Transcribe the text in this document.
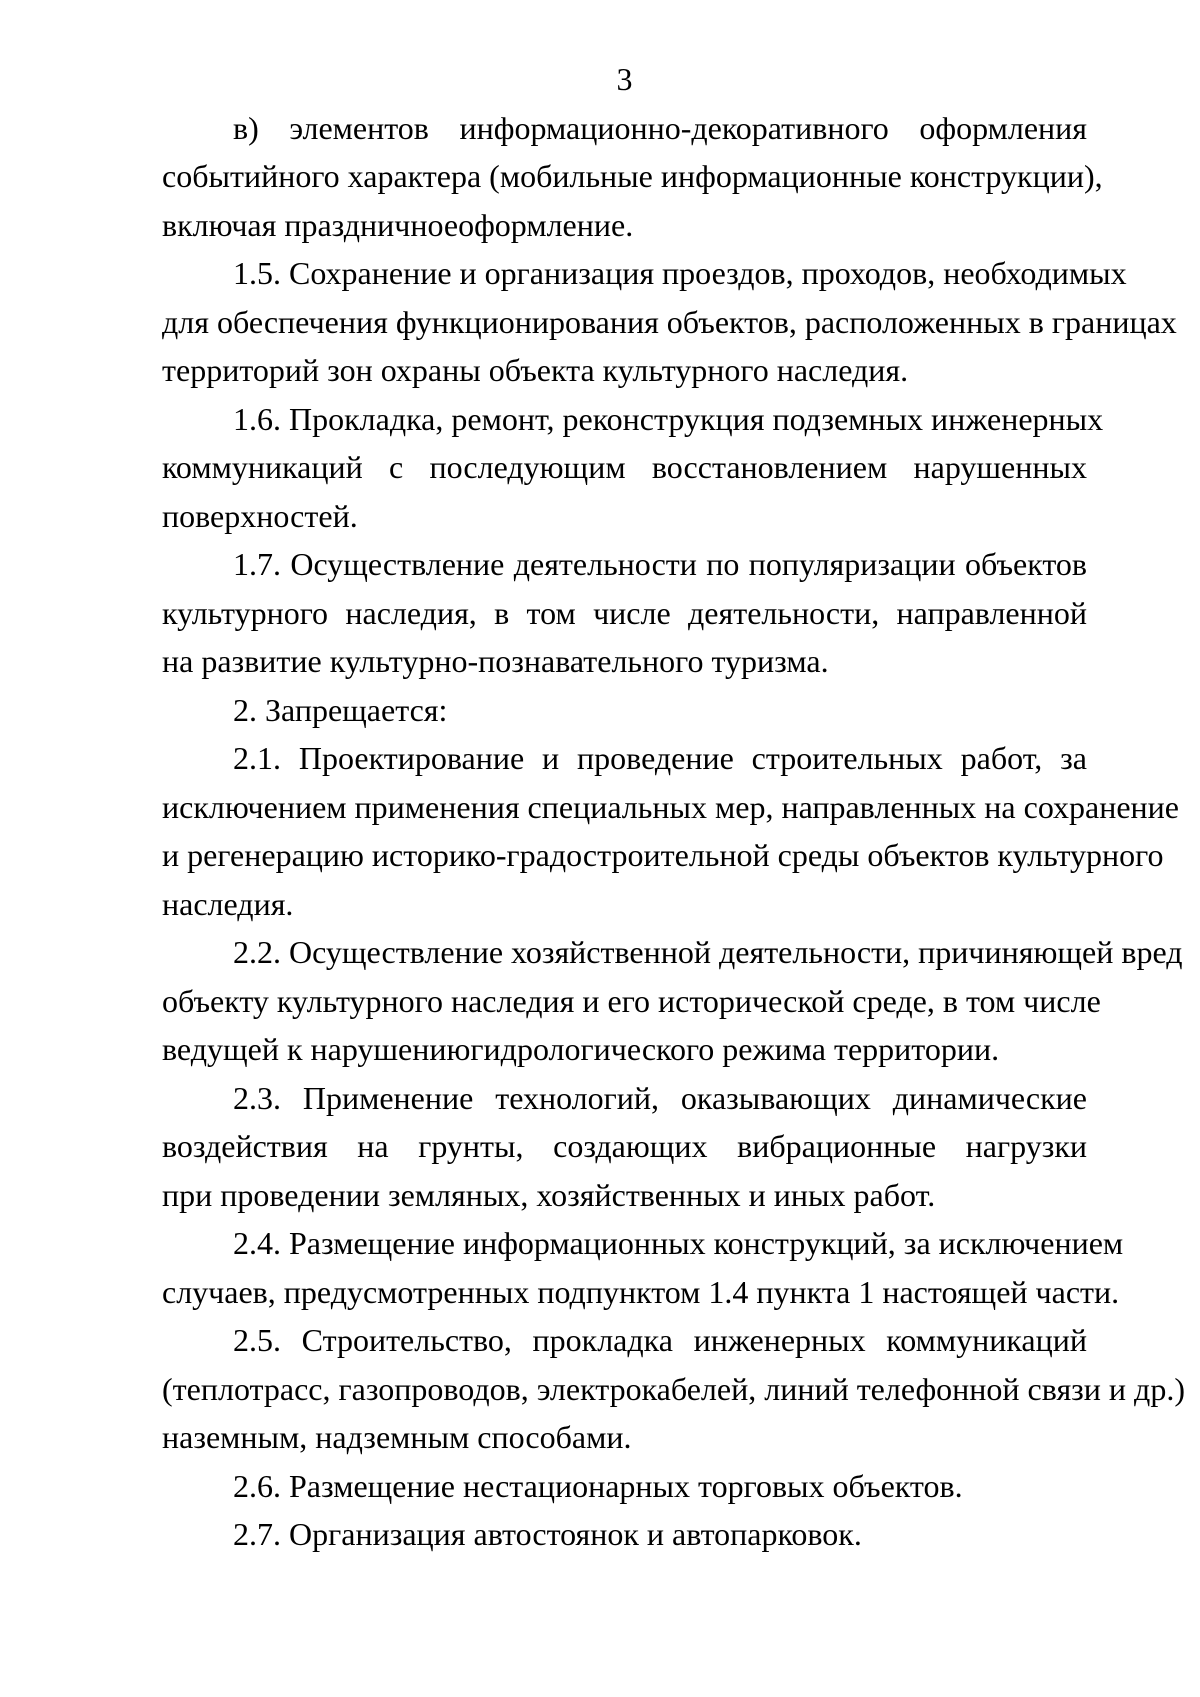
3
в) элементов информационно-декоративного оформления
событийного характера (мобильные информационные конструкции),
включая праздничноеоформление.
1.5. Сохранение и организация проездов, проходов, необходимых
для обеспечения функционирования объектов, расположенных в границах
территорий зон охраны объекта культурного наследия.
1.6. Прокладка, ремонт, реконструкция подземных инженерных
коммуникаций с последующим восстановлением нарушенных
поверхностей.
1.7. Осуществление деятельности по популяризации объектов
культурного наследия, в том числе деятельности, направленной
на развитие культурно-познавательного туризма.
2. Запрещается:
2.1. Проектирование и проведение строительных работ, за
исключением применения специальных мер, направленных на сохранение
и регенерацию историко-градостроительной среды объектов культурного
наследия.
2.2. Осуществление хозяйственной деятельности, причиняющей вред
объекту культурного наследия и его исторической среде, в том числе
ведущей к нарушениюгидрологического режима территории.
2.3. Применение технологий, оказывающих динамические
воздействия на грунты, создающих вибрационные нагрузки
при проведении земляных, хозяйственных и иных работ.
2.4. Размещение информационных конструкций, за исключением
случаев, предусмотренных подпунктом 1.4 пункта 1 настоящей части.
2.5. Строительство, прокладка инженерных коммуникаций
(теплотрасс, газопроводов, электрокабелей, линий телефонной связи и др.)
наземным, надземным способами.
2.6. Размещение нестационарных торговых объектов.
2.7. Организация автостоянок и автопарковок.
